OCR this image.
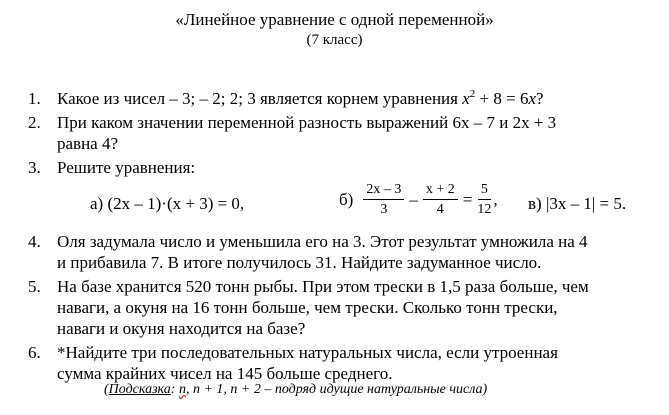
«Линейное уравнение с одной переменной»
(7 класс)
1. Какое из чисел – 3; – 2; 2; 3 является корнем уравнения $x^2 + 8 = 6x$?
2. При каком значении переменной разность выражений 6x – 7 и 2x + 3
равна 4?
3. Решите уравнения:
а) (2x – 1)·(x + 3) = 0,	$б) \frac{2x - 3}{3} - \frac{x + 2}{4} = \frac{5}{12}$ , в) |3x – 1| = 5.
4. Оля задумала число и уменьшила его на 3. Этот результат умножила на 4
и прибавила 7. В итоге получилось 31. Найдите задуманное число.
5. На базе хранится 520 тонн рыбы. При этом трески в 1,5 раза больше, чем
наваги, а окуня на 16 тонн больше, чем трески. Сколько тонн трески,
наваги и окуня находится на базе?
6. *Найдите три последовательных натуральных числа, если утроенная
сумма крайних чисел на 145 больше среднего.
(Подсказка: n, n + 1, n + 2 – подряд идущие натуральные числа)
